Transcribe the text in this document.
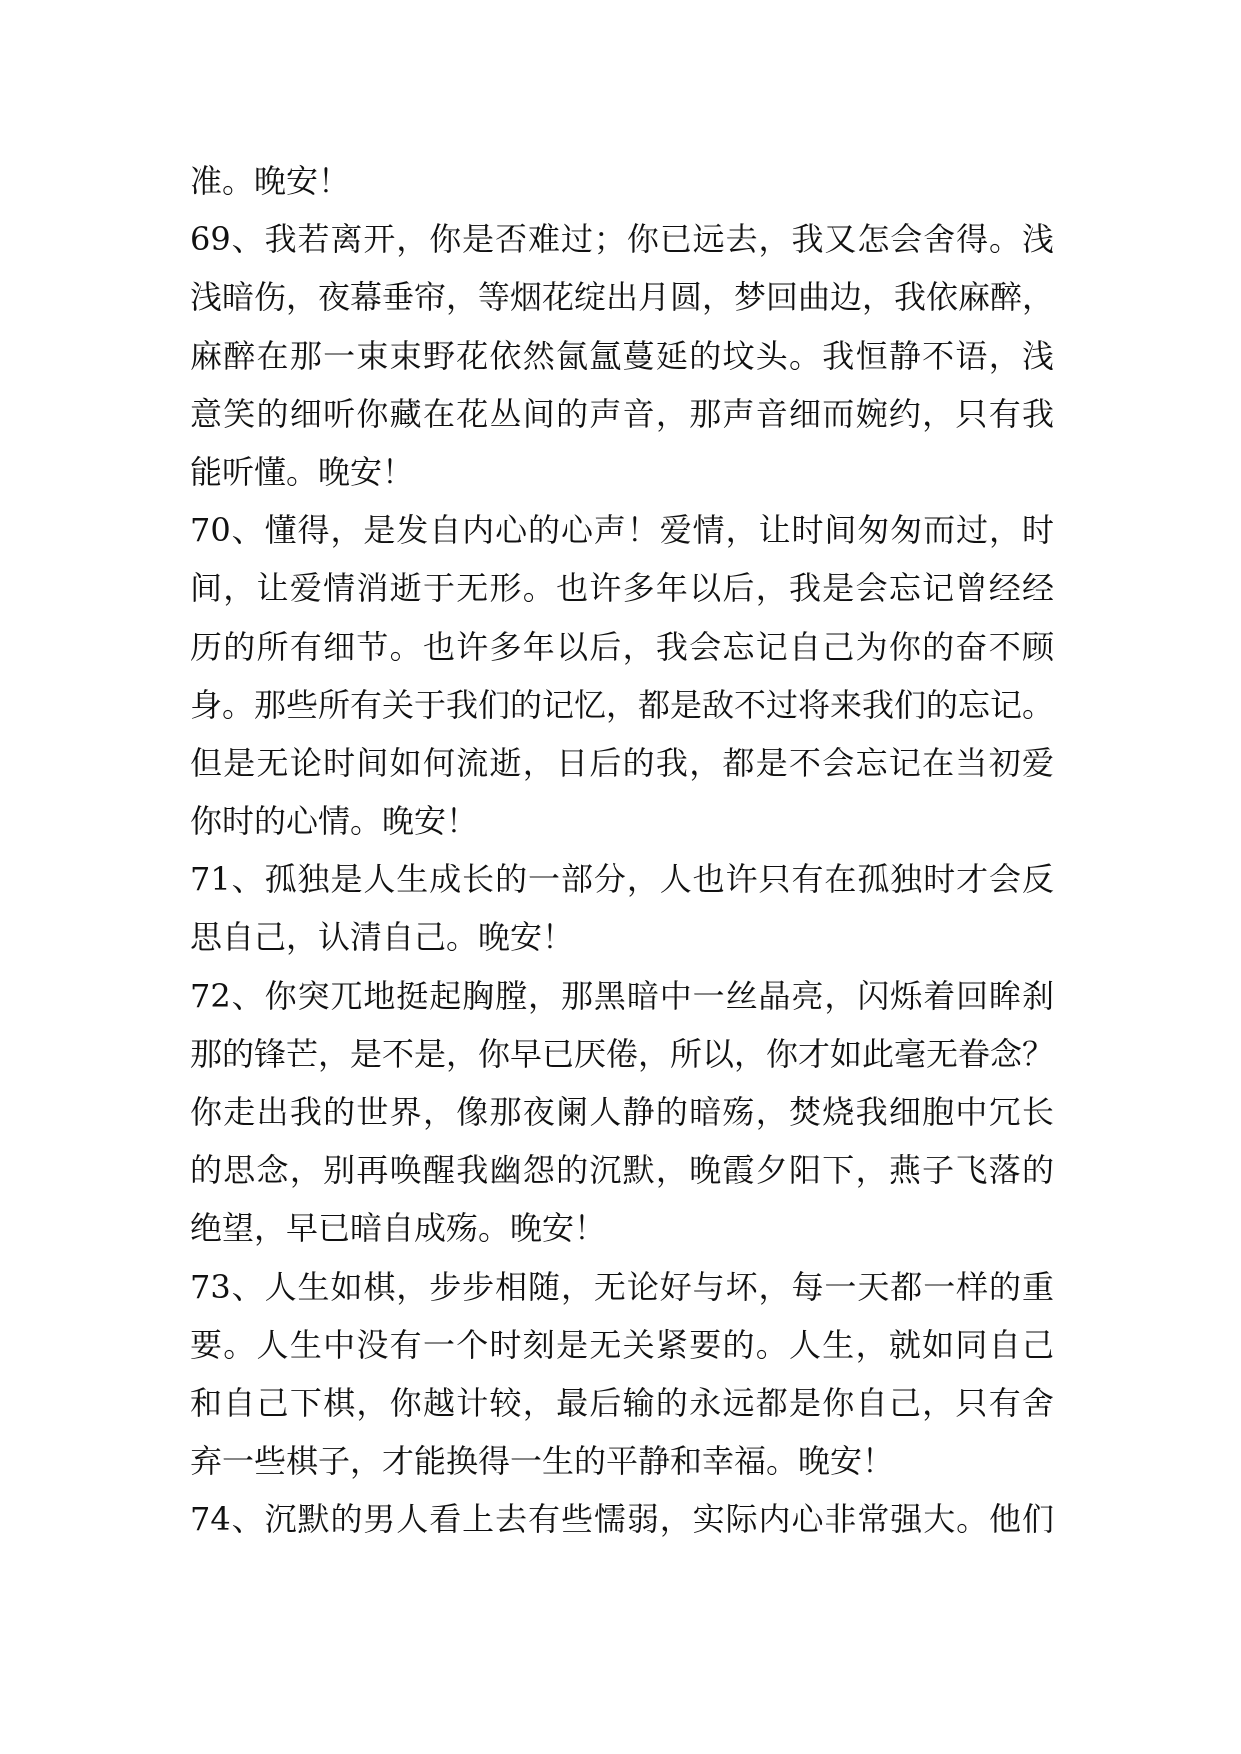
准。晚安！
69、我若离开，你是否难过；你已远去，我又怎会舍得。浅
浅暗伤，夜幕垂帘，等烟花绽出月圆，梦回曲边，我依麻醉，
麻醉在那一束束野花依然氤氲蔓延的坟头。我恒静不语，浅
意笑的细听你藏在花丛间的声音，那声音细而婉约，只有我
能听懂。晚安！
70、懂得，是发自内心的心声！爱情，让时间匆匆而过，时
间，让爱情消逝于无形。也许多年以后，我是会忘记曾经经
历的所有细节。也许多年以后，我会忘记自己为你的奋不顾
身。那些所有关于我们的记忆，都是敌不过将来我们的忘记。
但是无论时间如何流逝，日后的我，都是不会忘记在当初爱
你时的心情。晚安！
71、孤独是人生成长的一部分，人也许只有在孤独时才会反
思自己，认清自己。晚安！
72、你突兀地挺起胸膛，那黑暗中一丝晶亮，闪烁着回眸刹
那的锋芒，是不是，你早已厌倦，所以，你才如此毫无眷念？
你走出我的世界，像那夜阑人静的暗殇，焚烧我细胞中冗长
的思念，别再唤醒我幽怨的沉默，晚霞夕阳下，燕子飞落的
绝望，早已暗自成殇。晚安！
73、人生如棋，步步相随，无论好与坏，每一天都一样的重
要。人生中没有一个时刻是无关紧要的。人生，就如同自己
和自己下棋，你越计较，最后输的永远都是你自己，只有舍
弃一些棋子，才能换得一生的平静和幸福。晚安！
74、沉默的男人看上去有些懦弱，实际内心非常强大。他们
